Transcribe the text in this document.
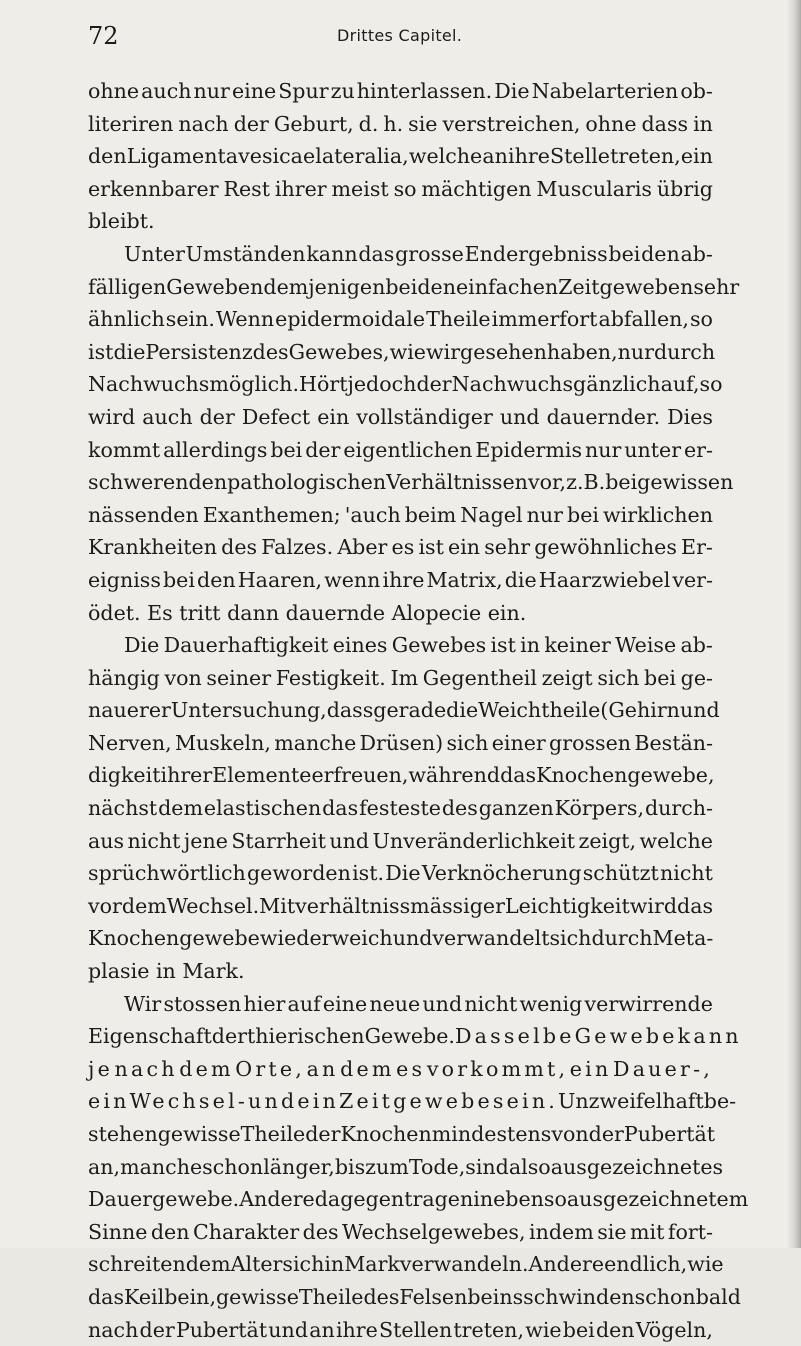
72	Drittes Capitel.
ohne auch nur eine Spur zu hinterlassen. Die Nabelarterien ob-
literiren nach der Geburt, d. h. sie verstreichen, ohne dass in
den Ligamenta vesicae lateralia, welche an ihre Stelle treten, ein
erkennbarer Rest ihrer meist so mächtigen Muscularis übrig
bleibt.
Unter Umständen kann das grosse Endergebniss bei den ab-
fälligen Geweben demjenigen bei den einfachen Zeitgeweben sehr
ähnlich sein. Wenn epidermoidale Theile immerfort abfallen, so
ist die Persistenz des Gewebes, wie wir gesehen haben, nur durch
Nachwuchs möglich. Hört jedoch der Nachwuchs gänzlich auf, so
wird auch der Defect ein vollständiger und dauernder. Dies
kommt allerdings bei der eigentlichen Epidermis nur unter er-
schwerenden pathologischen Verhältnissen vor, z. B. bei gewissen
nässenden Exanthemen; 'auch beim Nagel nur bei wirklichen
Krankheiten des Falzes. Aber es ist ein sehr gewöhnliches Er-
eigniss bei den Haaren, wenn ihre Matrix, die Haarzwiebel ver-
ödet.
Es
tritt
dann
dauernde
Alopecie
ein.
Die Dauerhaftigkeit eines Gewebes ist in keiner Weise ab-
hängig von seiner Festigkeit. Im Gegentheil zeigt sich bei ge-
nauerer Untersuchung, dass gerade die Weichtheile (Gehirn und
Nerven, Muskeln, manche Drüsen) sich einer grossen Bestän-
digkeit ihrer Elemente erfreuen, während das Knochengewebe,
nächst dem elastischen das festeste des ganzen Körpers, durch-
aus nicht jene Starrheit und Unveränderlichkeit zeigt, welche
sprüchwörtlich geworden ist. Die Verknöcherung schützt nicht
vor dem Wechsel. Mit verhältnissmässiger Leichtigkeit wird das
Knochengewebe wieder weich und verwandelt sich durch Meta-
plasie
in
Mark.
Wir stossen hier auf eine neue und nicht wenig verwirrende
Eigenschaft der thierischen Gewebe. Dasselbe Gewebe kann
je nach dem Orte, an dem es vorkommt, ein Dauer-,
ein Wechsel- und ein Zeitgewebe sein. Unzweifelhaft be-
stehen gewisse Theile der Knochen mindestens von der Pubertät
an, manche schon länger, bis zum Tode, sind also ausgezeichnetes
Dauergewebe. Andere dagegen tragen in ebenso ausgezeichnetem
Sinne den Charakter des Wechselgewebes, indem sie mit fort-
schreitendem Alter sich in Mark verwandeln. Andere endlich, wie
das Keilbein, gewisse Theile des Felsenbeins schwinden schon bald
nach der Pubertät und an ihre Stellen treten, wie bei den Vögeln,
